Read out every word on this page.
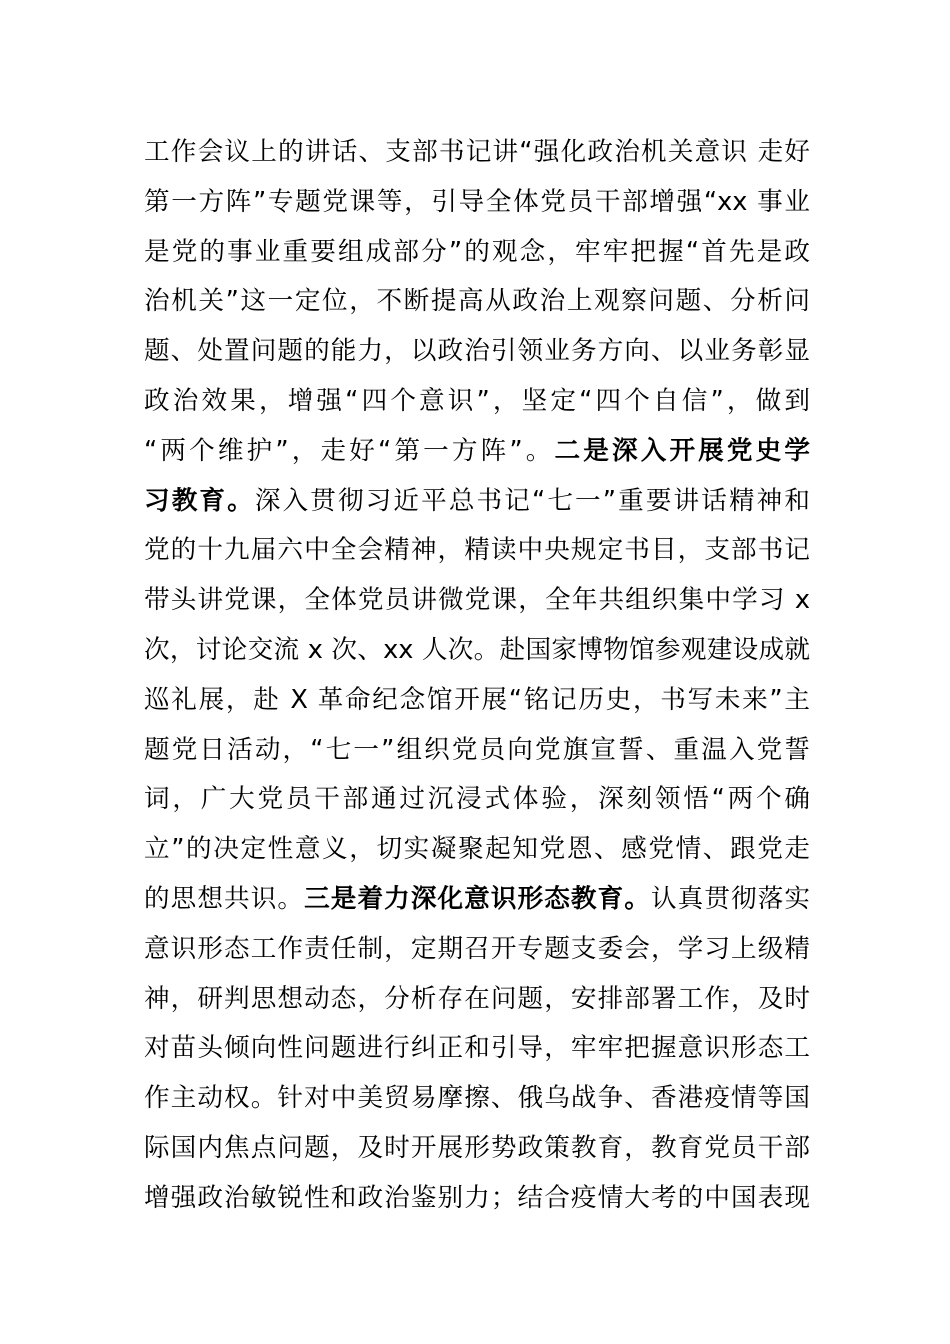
工作会议上的讲话、支部书记讲“强化政治机关意识 走好
第一方阵”专题党课等，引导全体党员干部增强“xx 事业
是党的事业重要组成部分”的观念，牢牢把握“首先是政
治机关”这一定位，不断提高从政治上观察问题、分析问
题、处置问题的能力，以政治引领业务方向、以业务彰显
政治效果，增强“四个意识”，坚定“四个自信”，做到
“两个维护”，走好“第一方阵”。二是深入开展党史学
习教育。深入贯彻习近平总书记“七一”重要讲话精神和
党的十九届六中全会精神，精读中央规定书目，支部书记
带头讲党课，全体党员讲微党课，全年共组织集中学习 x
次，讨论交流 x 次、xx 人次。赴国家博物馆参观建设成就
巡礼展，赴 X 革命纪念馆开展“铭记历史，书写未来”主
题党日活动，“七一”组织党员向党旗宣誓、重温入党誓
词，广大党员干部通过沉浸式体验，深刻领悟“两个确
立”的决定性意义，切实凝聚起知党恩、感党情、跟党走
的思想共识。三是着力深化意识形态教育。认真贯彻落实
意识形态工作责任制，定期召开专题支委会，学习上级精
神，研判思想动态，分析存在问题，安排部署工作，及时
对苗头倾向性问题进行纠正和引导，牢牢把握意识形态工
作主动权。针对中美贸易摩擦、俄乌战争、香港疫情等国
际国内焦点问题，及时开展形势政策教育，教育党员干部
增强政治敏锐性和政治鉴别力；结合疫情大考的中国表现
